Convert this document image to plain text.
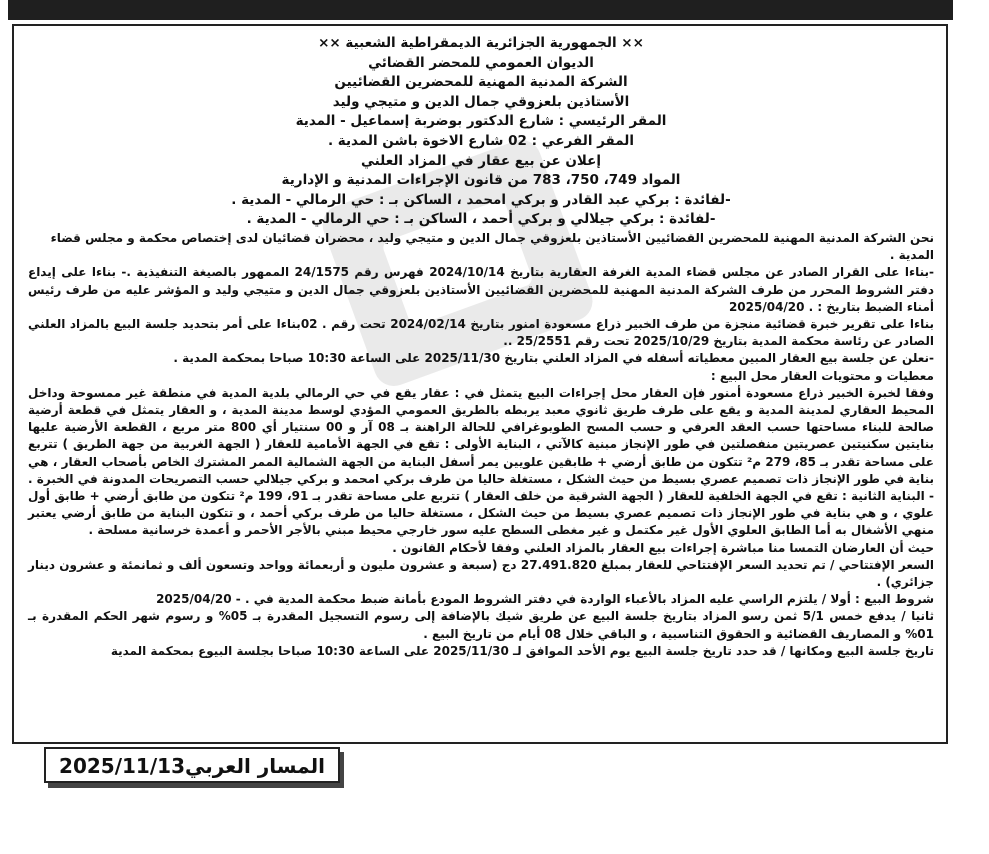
×× الجمهورية الجزائرية الديمقراطية الشعبية ××

الديوان العمومي للمحضر القضائي

الشركة المدنية المهنية للمحضرين القضائيين

الأستاذين بلعزوقي جمال الدين و متيجي وليد

المقر الرئيسي : شارع الدكتور بوضربة إسماعيل - المدية

المقر الفرعي : 02 شارع الاخوة باشن المدية .

إعلان عن بيع عقار في المزاد العلني

المواد 749، 750، 783 من قانون الإجراءات المدنية و الإدارية

-لفائدة : بركي عبد القادر و بركي امحمد ، الساكن بـ : حي الرمالي - المدية .

-لفائدة : بركي جيلالي و بركي أحمد ، الساكن بـ : حي الرمالي - المدية .

نحن الشركة المدنية المهنية للمحضرين القضائيين الأستاذين بلعزوقي جمال الدين و متيجي وليد ، محضران قضائيان لدى إختصاص محكمة و مجلس قضاء المدية .

-بناءا على القرار الصادر عن مجلس قضاء المدية الغرفة العقارية بتاريخ 2024/10/14 فهرس رقم 24/1575 الممهور بالصيغة التنفيذية .- بناءا على إيداع دفتر الشروط المحرر من طرف الشركة المدنية المهنية للمحضرين القضائيين الأستاذين بلعزوقي جمال الدين و متيجي وليد و المؤشر عليه من طرف رئيس أمناء الضبط بتاريخ : . 2025/04/20

بناءا على تقرير خبرة قضائية منجزة من طرف الخبير ذراع مسعودة امنور بتاريخ 2024/02/14 تحت رقم . 02بناءا على أمر بتحديد جلسة البيع بالمزاد العلني الصادر عن رئاسة محكمة المدية بتاريخ 2025/10/29 تحت رقم 25/2551 ..

-نعلن عن جلسة بيع العقار المبين معطياته أسفله في المزاد العلني بتاريخ 2025/11/30 على الساعة 10:30 صباحا بمحكمة المدية .

معطيات و محتويات العقار محل البيع :

وفقا لخبرة الخبير ذراع مسعودة أمنور فإن العقار محل إجراءات البيع يتمثل في : عقار يقع في حي الرمالي بلدية المدية في منطقة غير ممسوحة وداخل المحيط العقاري لمدينة المدية و يقع على طرف طريق ثانوي معبد يربطه بالطريق العمومي المؤدي لوسط مدينة المدية ، و العقار يتمثل في قطعة أرضية صالحة للبناء مساحتها حسب العقد العرفي و حسب المسح الطوبوغرافي للحالة الراهنة بـ 08 آر و 00 سنتيار أي 800 متر مربع ، القطعة الأرضية عليها بنايتين سكنيتين عصريتين منفصلتين في طور الإنجاز مبنية كالآتي ، البناية الأولى : تقع في الجهة الأمامية للعقار ( الجهة الغربية من جهة الطريق ) تتربع على مساحة تقدر بـ 85، 279 م² تتكون من طابق أرضي + طابقين علويين يمر أسفل البناية من الجهة الشمالية الممر المشترك الخاص بأصحاب العقار ، هي بناية في طور الإنجاز ذات تصميم عصري بسيط من حيث الشكل ، مستغلة حاليا من طرف بركي امحمد و بركي جيلالي حسب التصريحات المدونة في الخبرة . - البناية الثانية : تقع في الجهة الخلفية للعقار ( الجهة الشرقية من خلف العقار ) تتربع على مساحة تقدر بـ 91، 199 م² تتكون من طابق أرضي + طابق أول علوي ، و هي بناية في طور الإنجاز ذات تصميم عصري بسيط من حيث الشكل ، مستغلة حاليا من طرف بركي أحمد ، و تتكون البناية من طابق أرضي يعتبر منهي الأشغال به أما الطابق العلوي الأول غير مكتمل و غير مغطى السطح عليه سور خارجي محيط مبني بالأجر الأحمر و أعمدة خرسانية مسلحة .

حيث أن العارضان التمسا منا مباشرة إجراءات بيع العقار بالمزاد العلني وفقا لأحكام القانون .

السعر الإفتتاحي / تم تحديد السعر الإفتتاحي للعقار بمبلغ 27.491.820 دج (سبعة و عشرون مليون و أربعمائة وواحد وتسعون ألف و ثمانمئة و عشرون دينار جزائري) .

شروط البيع : أولا / يلتزم الراسي عليه المزاد بالأعباء الواردة في دفتر الشروط المودع بأمانة ضبط محكمة المدية في . - 2025/04/20

ثانيا / يدفع خمس 5/1 ثمن رسو المزاد بتاريخ جلسة البيع عن طريق شيك بالإضافة إلى رسوم التسجيل المقدرة بـ 05% و رسوم شهر الحكم المقدرة بـ 01% و المصاريف القضائية و الحقوق التناسبية ، و الباقي خلال 08 أيام من تاريخ البيع .

تاريخ جلسة البيع ومكانها / قد حدد تاريخ جلسة البيع يوم الأحد الموافق لـ 2025/11/30 على الساعة 10:30 صباحا بجلسة البيوع بمحكمة المدية

المسار العربي2025/11/13
